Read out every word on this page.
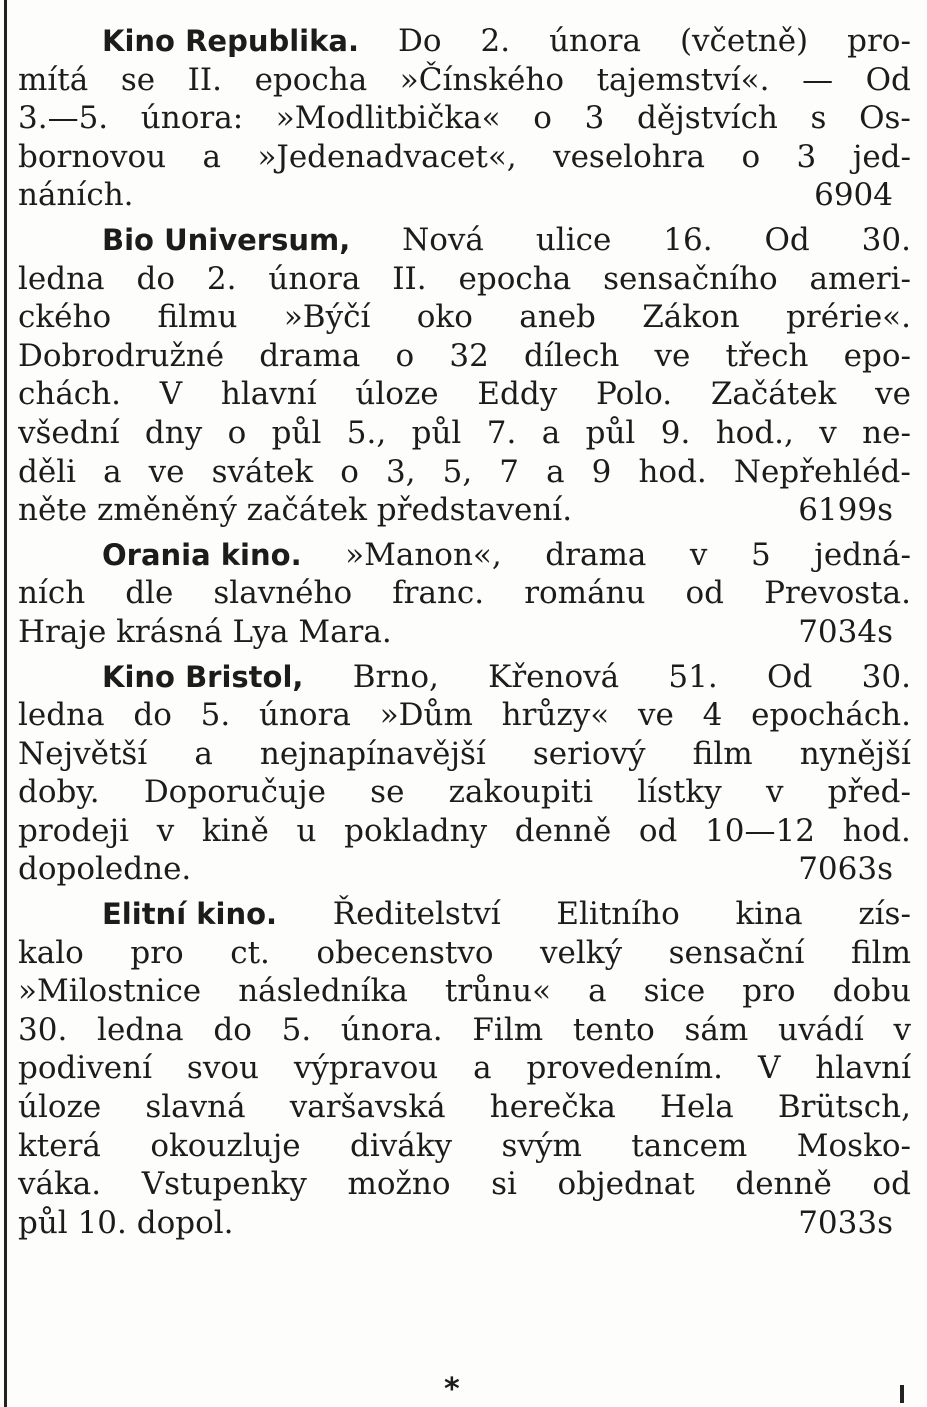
Kino Republika. Do 2. února (včetně) pro-
mítá se II. epocha »Čínského tajemství«. — Od
3.—5. února: »Modlitbička« o 3 dějstvích s Os-
bornovou a »Jedenadvacet«, veselohra o 3 jed-
náních.	6904
Bio Universum, Nová ulice 16. Od 30.
ledna do 2. února II. epocha sensačního ameri-
ckého filmu »Býčí oko aneb Zákon prérie«.
Dobrodružné drama o 32 dílech ve třech epo-
chách. V hlavní úloze Eddy Polo. Začátek ve
všední dny o půl 5., půl 7. a půl 9. hod., v ne-
děli a ve svátek o 3, 5, 7 a 9 hod. Nepřehléd-
něte změněný začátek představení.	6199s
Orania kino. »Manon«, drama v 5 jedná-
ních dle slavného franc. románu od Prevosta.
Hraje krásná Lya Mara.	7034s
Kino Bristol, Brno, Křenová 51. Od 30.
ledna do 5. února »Dům hrůzy« ve 4 epochách.
Největší a nejnapínavější seriový film nynější
doby. Doporučuje se zakoupiti lístky v před-
prodeji v kině u pokladny denně od 10—12 hod.
dopoledne.	7063s
Elitní kino. Ředitelství Elitního kina zís-
kalo pro ct. obecenstvo velký sensační film
»Milostnice následníka trůnu« a sice pro dobu
30. ledna do 5. února. Film tento sám uvádí v
podivení svou výpravou a provedením. V hlavní
úloze slavná varšavská herečka Hela Brütsch,
která okouzluje diváky svým tancem Mosko-
váka. Vstupenky možno si objednat denně od
půl 10. dopol.	7033s
*
